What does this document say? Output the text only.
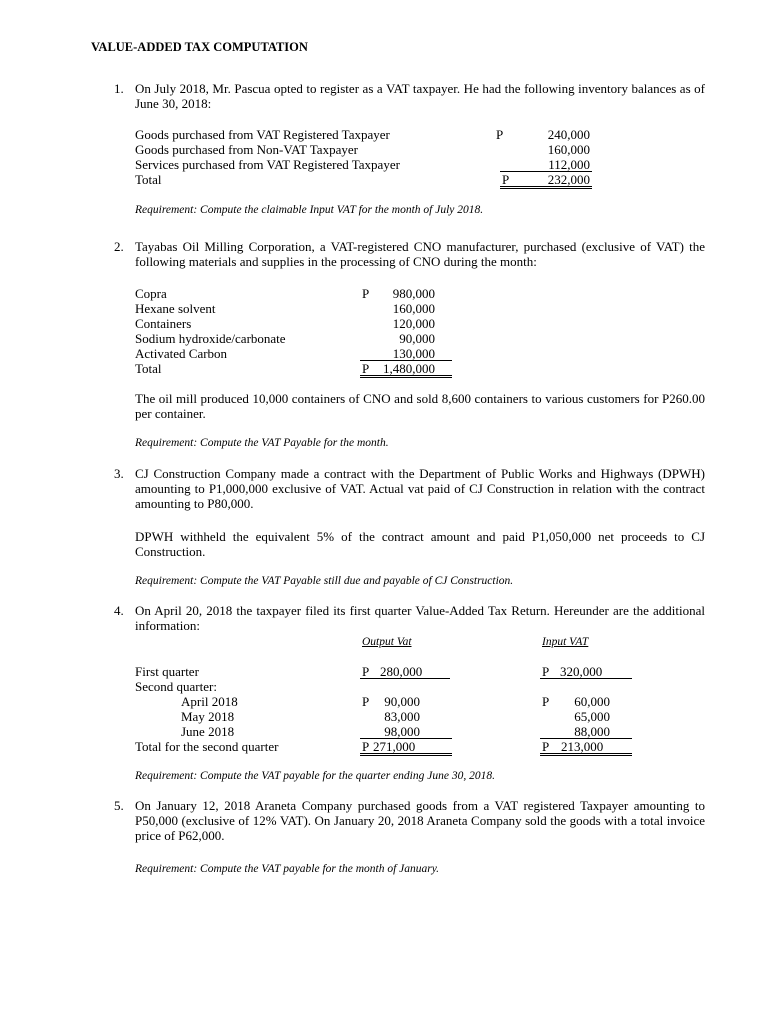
VALUE-ADDED TAX COMPUTATION
1. On July 2018, Mr. Pascua opted to register as a VAT taxpayer. He had the following inventory balances as of June 30, 2018:
Goods purchased from VAT Registered Taxpayer	P	240,000
Goods purchased from Non-VAT Taxpayer	160,000
Services purchased from VAT Registered Taxpayer	112,000
Total	P	232,000
Requirement: Compute the claimable Input VAT for the month of July 2018.
2. Tayabas Oil Milling Corporation, a VAT-registered CNO manufacturer, purchased (exclusive of VAT) the following materials and supplies in the processing of CNO during the month:
Copra	P	980,000
Hexane solvent	160,000
Containers	120,000
Sodium hydroxide/carbonate	90,000
Activated Carbon	130,000
Total	P	1,480,000
The oil mill produced 10,000 containers of CNO and sold 8,600 containers to various customers for P260.00 per container.
Requirement: Compute the VAT Payable for the month.
3. CJ Construction Company made a contract with the Department of Public Works and Highways (DPWH) amounting to P1,000,000 exclusive of VAT. Actual vat paid of CJ Construction in relation with the contract amounting to P80,000.
DPWH withheld the equivalent 5% of the contract amount and paid P1,050,000 net proceeds to CJ Construction.
Requirement: Compute the VAT Payable still due and payable of CJ Construction.
4. On April 20, 2018 the taxpayer filed its first quarter Value-Added Tax Return. Hereunder are the additional information:
Output Vat	Input VAT
First quarter	P 280,000	P 320,000
Second quarter:
April 2018	P	90,000	P	60,000
May 2018	83,000	65,000
June 2018	98,000	88,000
Total for the second quarter	P 271,000	P 213,000
Requirement: Compute the VAT payable for the quarter ending June 30, 2018.
5. On January 12, 2018 Araneta Company purchased goods from a VAT registered Taxpayer amounting to P50,000 (exclusive of 12% VAT). On January 20, 2018 Araneta Company sold the goods with a total invoice price of P62,000.
Requirement: Compute the VAT payable for the month of January.
